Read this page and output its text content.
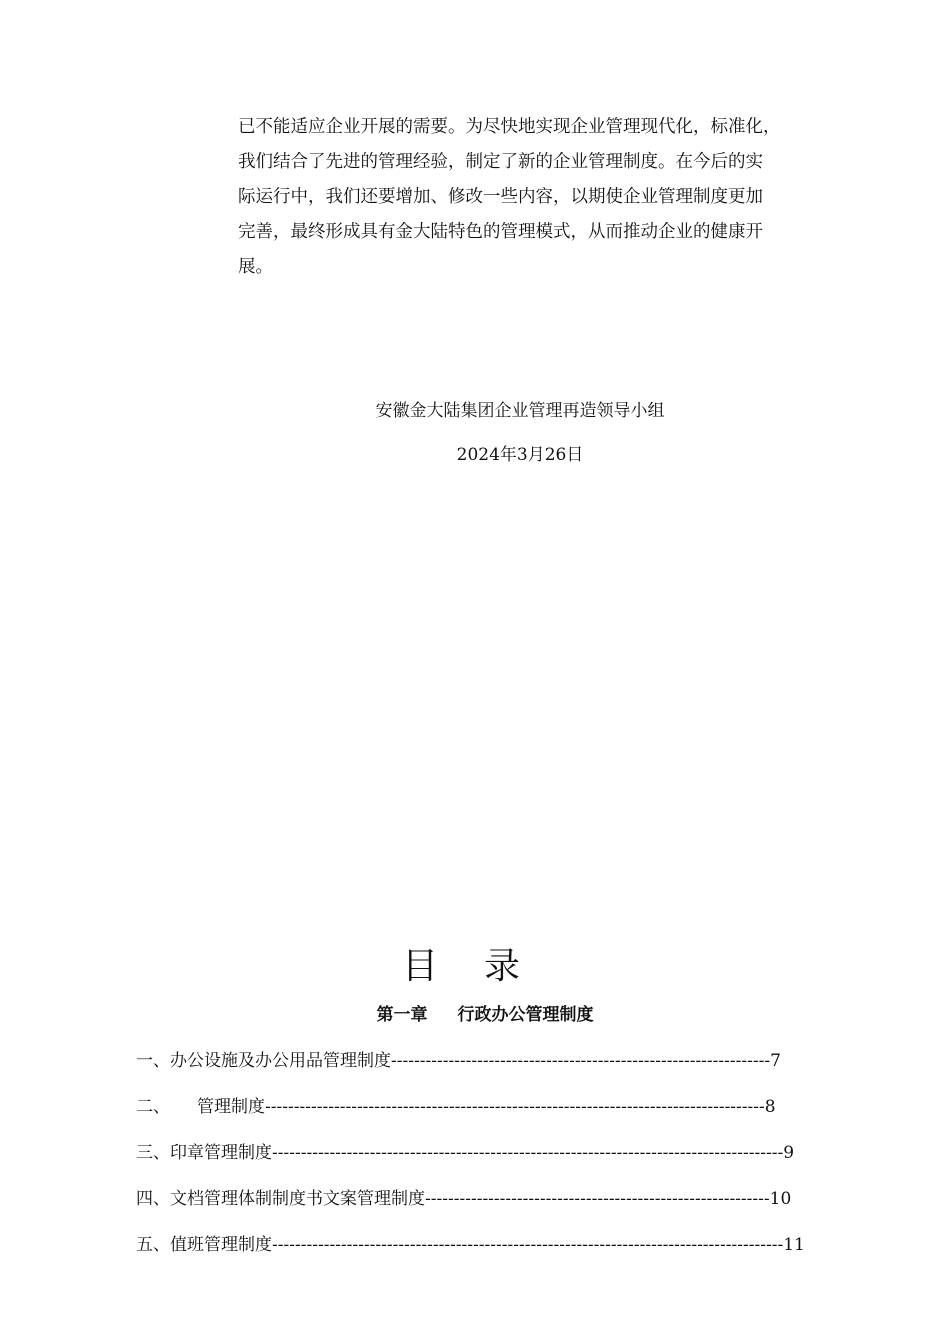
已不能适应企业开展的需要。为尽快地实现企业管理现代化，标准化，

我们结合了先进的管理经验，制定了新的企业管理制度。在今后的实

际运行中，我们还要增加、修改一些内容，以期使企业管理制度更加

完善，最终形成具有金大陆特色的管理模式，从而推动企业的健康开

展。

安徽金大陆集团企业管理再造领导小组
2024年3月26日
目录
第一章 行政办公管理制度
一、办公设施及办公用品管理制度------------------------------------------------------------------7
二、     管理制度---------------------------------------------------------------------------------------8
三、印章管理制度-----------------------------------------------------------------------------------------9
四、文档管理体制制度书文案管理制度------------------------------------------------------------10
五、值班管理制度-----------------------------------------------------------------------------------------11
